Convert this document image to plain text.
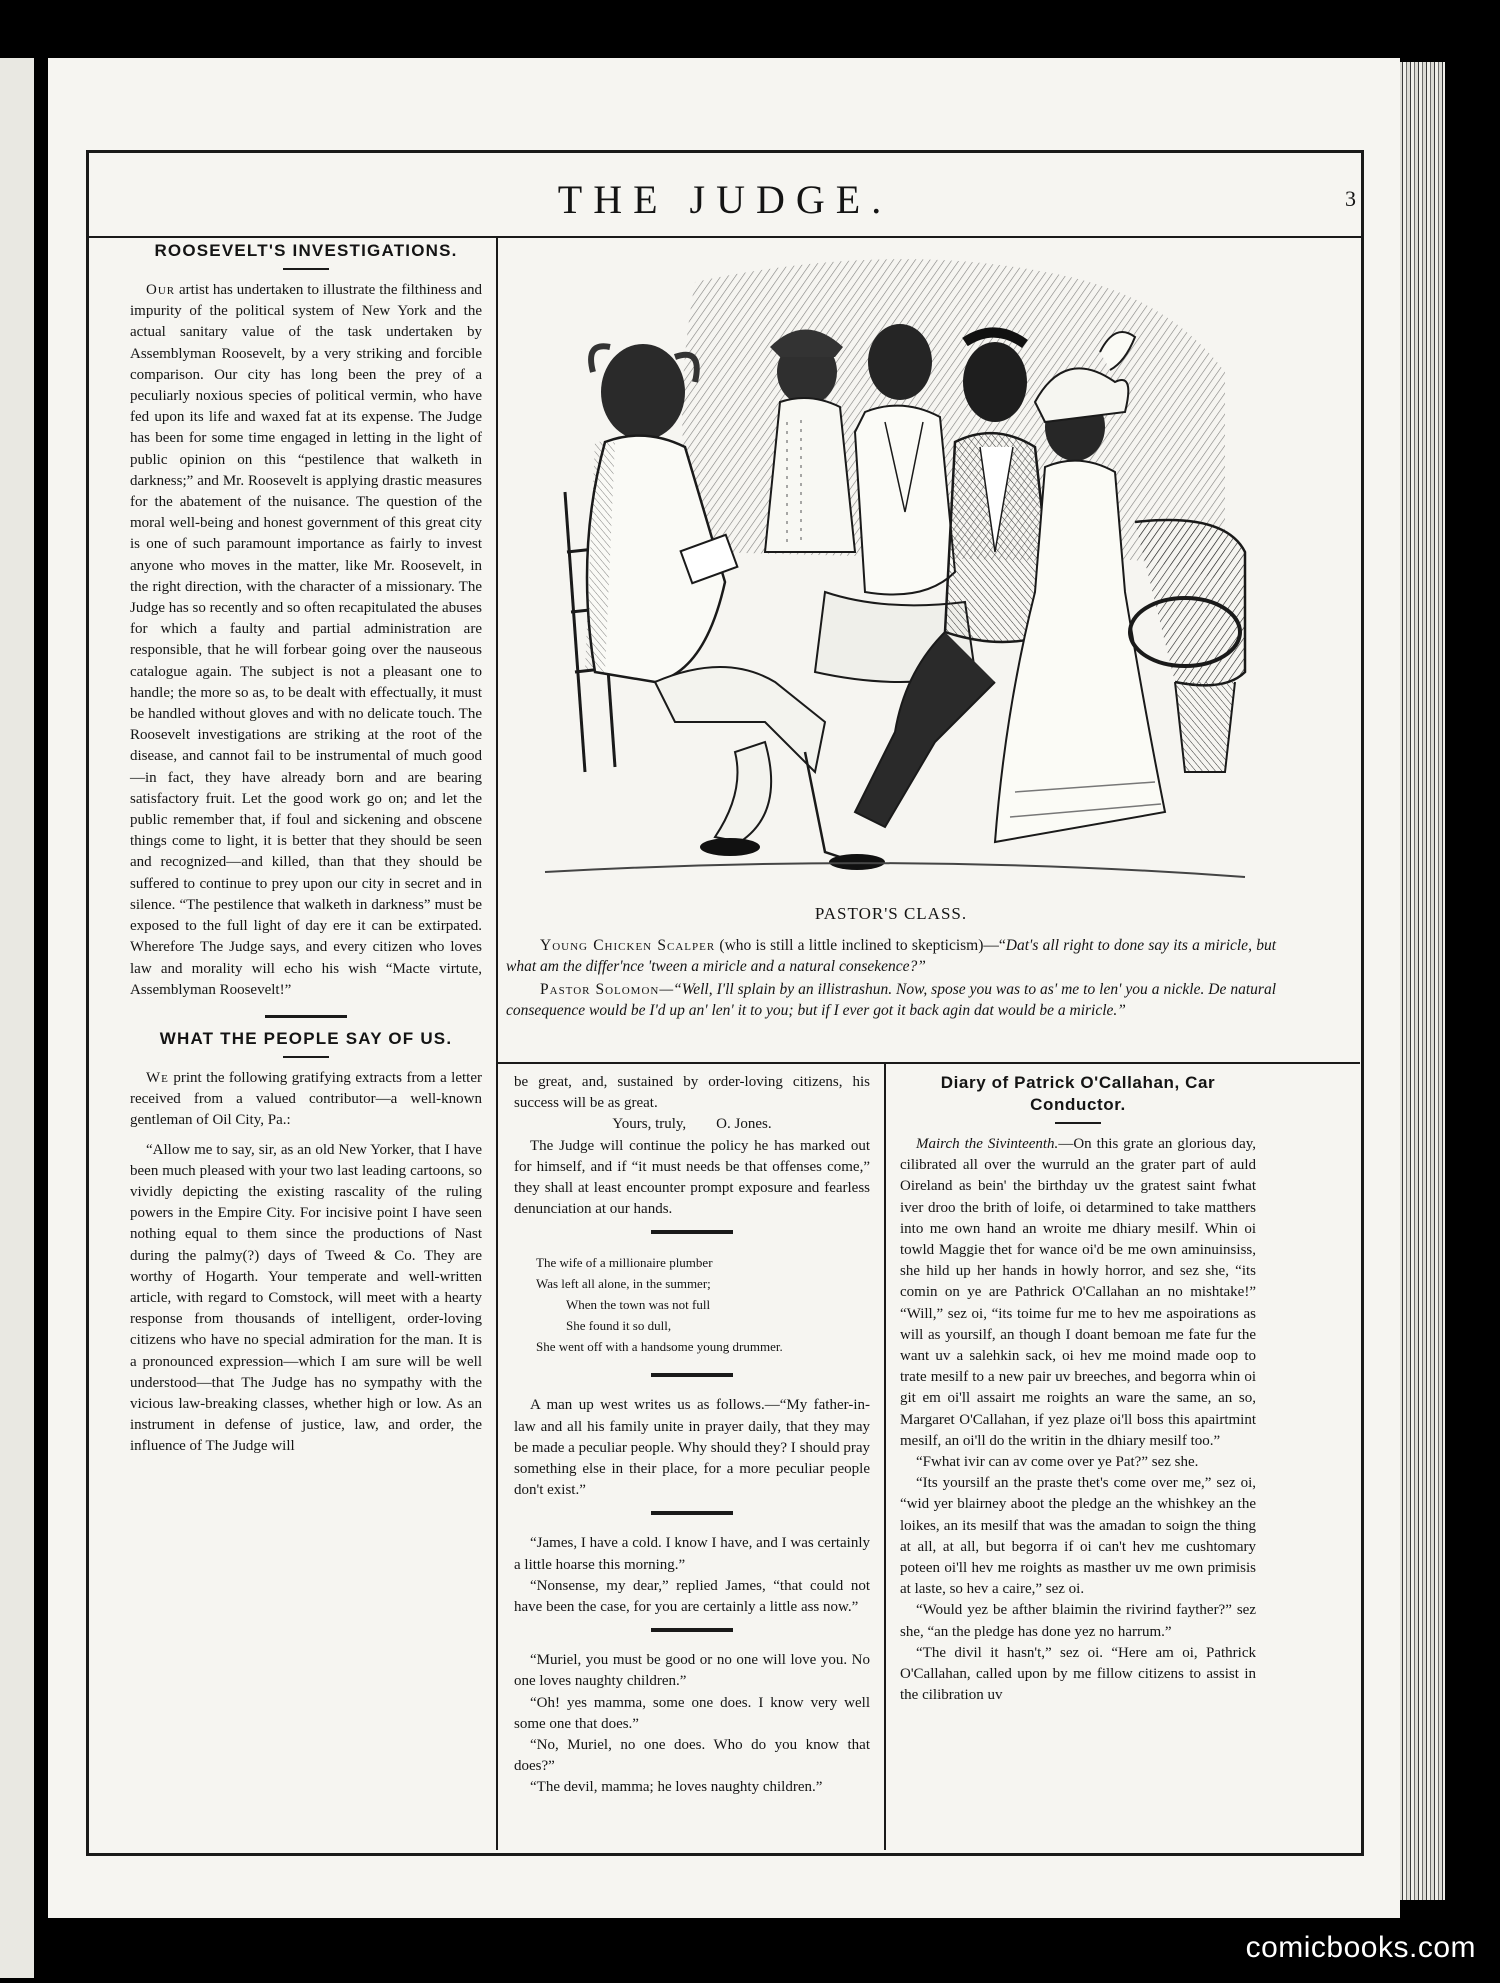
THE JUDGE.	3
ROOSEVELT'S INVESTIGATIONS.

Our artist has undertaken to illustrate the filthiness and impurity of the political system of New York and the actual sanitary value of the task undertaken by Assemblyman Roosevelt, by a very striking and forcible comparison. Our city has long been the prey of a peculiarly noxious species of political vermin, who have fed upon its life and waxed fat at its expense. The Judge has been for some time engaged in letting in the light of public opinion on this “pestilence that walketh in darkness;” and Mr. Roosevelt is applying drastic measures for the abatement of the nuisance. The question of the moral well-being and honest government of this great city is one of such paramount importance as fairly to invest anyone who moves in the matter, like Mr. Roosevelt, in the right direction, with the character of a missionary. The Judge has so recently and so often recapitulated the abuses for which a faulty and partial administration are responsible, that he will forbear going over the nauseous catalogue again. The subject is not a pleasant one to handle; the more so as, to be dealt with effectually, it must be handled without gloves and with no delicate touch. The Roosevelt investigations are striking at the root of the disease, and cannot fail to be instrumental of much good—in fact, they have already born and are bearing satisfactory fruit. Let the good work go on; and let the public remember that, if foul and sickening and obscene things come to light, it is better that they should be seen and recognized—and killed, than that they should be suffered to continue to prey upon our city in secret and in silence. “The pestilence that walketh in darkness” must be exposed to the full light of day ere it can be extirpated. Wherefore The Judge says, and every citizen who loves law and morality will echo his wish “Macte virtute, Assemblyman Roosevelt!”

WHAT THE PEOPLE SAY OF US.

We print the following gratifying extracts from a letter received from a valued contributor—a well-known gentleman of Oil City, Pa.:

“Allow me to say, sir, as an old New Yorker, that I have been much pleased with your two last leading cartoons, so vividly depicting the existing rascality of the ruling powers in the Empire City. For incisive point I have seen nothing equal to them since the productions of Nast during the palmy(?) days of Tweed & Co. They are worthy of Hogarth. Your temperate and well-written article, with regard to Comstock, will meet with a hearty response from thousands of intelligent, order-loving citizens who have no special admiration for the man. It is a pronounced expression—which I am sure will be well understood—that The Judge has no sympathy with the vicious law-breaking classes, whether high or low. As an instrument in defense of justice, law, and order, the influence of The Judge will

PASTOR'S CLASS.

Young Chicken Scalper (who is still a little inclined to skepticism)—“Dat's all right to done say its a miricle, but what am the differ'nce 'tween a miricle and a natural consekence?”

Pastor Solomon—“Well, I'll splain by an illistrashun. Now, spose you was to as' me to len' you a nickle. De natural consequence would be I'd up an' len' it to you; but if I ever got it back agin dat would be a miricle.”

be great, and, sustained by order-loving citizens, his success will be as great.

Yours, truly,        O. Jones.

The Judge will continue the policy he has marked out for himself, and if “it must needs be that offenses come,” they shall at least encounter prompt exposure and fearless denunciation at our hands.

The wife of a millionaire plumber
Was left all alone, in the summer;
When the town was not full
She found it so dull,
She went off with a handsome young drummer.

A man up west writes us as follows.—“My father-in-law and all his family unite in prayer daily, that they may be made a peculiar people. Why should they? I should pray something else in their place, for a more peculiar people don't exist.”

“James, I have a cold. I know I have, and I was certainly a little hoarse this morning.”

“Nonsense, my dear,” replied James, “that could not have been the case, for you are certainly a little ass now.”

“Muriel, you must be good or no one will love you. No one loves naughty children.”

“Oh! yes mamma, some one does. I know very well some one that does.”

“No, Muriel, no one does. Who do you know that does?”

“The devil, mamma; he loves naughty children.”

Diary of Patrick O'Callahan, Car Conductor.

Mairch the Sivinteenth.—On this grate an glorious day, cilibrated all over the wurruld an the grater part of auld Oireland as bein' the birthday uv the gratest saint fwhat iver droo the brith of loife, oi detarmined to take matthers into me own hand an wroite me dhiary mesilf. Whin oi towld Maggie thet for wance oi'd be me own aminuinsiss, she hild up her hands in howly horror, and sez she, “its comin on ye are Pathrick O'Callahan an no mishtake!” “Will,” sez oi, “its toime fur me to hev me aspoirations as will as yoursilf, an though I doant bemoan me fate fur the want uv a salehkin sack, oi hev me moind made oop to trate mesilf to a new pair uv breeches, and begorra whin oi git em oi'll assairt me roights an ware the same, an so, Margaret O'Callahan, if yez plaze oi'll boss this apairtmint mesilf, an oi'll do the writin in the dhiary mesilf too.”

“Fwhat ivir can av come over ye Pat?” sez she.

“Its yoursilf an the praste thet's come over me,” sez oi, “wid yer blairney aboot the pledge an the whishkey an the loikes, an its mesilf that was the amadan to soign the thing at all, at all, but begorra if oi can't hev me cushtomary poteen oi'll hev me roights as masther uv me own primisis at laste, so hev a caire,” sez oi.

“Would yez be afther blaimin the rivirind fayther?” sez she, “an the pledge has done yez no harrum.”

“The divil it hasn't,” sez oi. “Here am oi, Pathrick O'Callahan, called upon by me fillow citizens to assist in the cilibration uv

comicbooks.com
